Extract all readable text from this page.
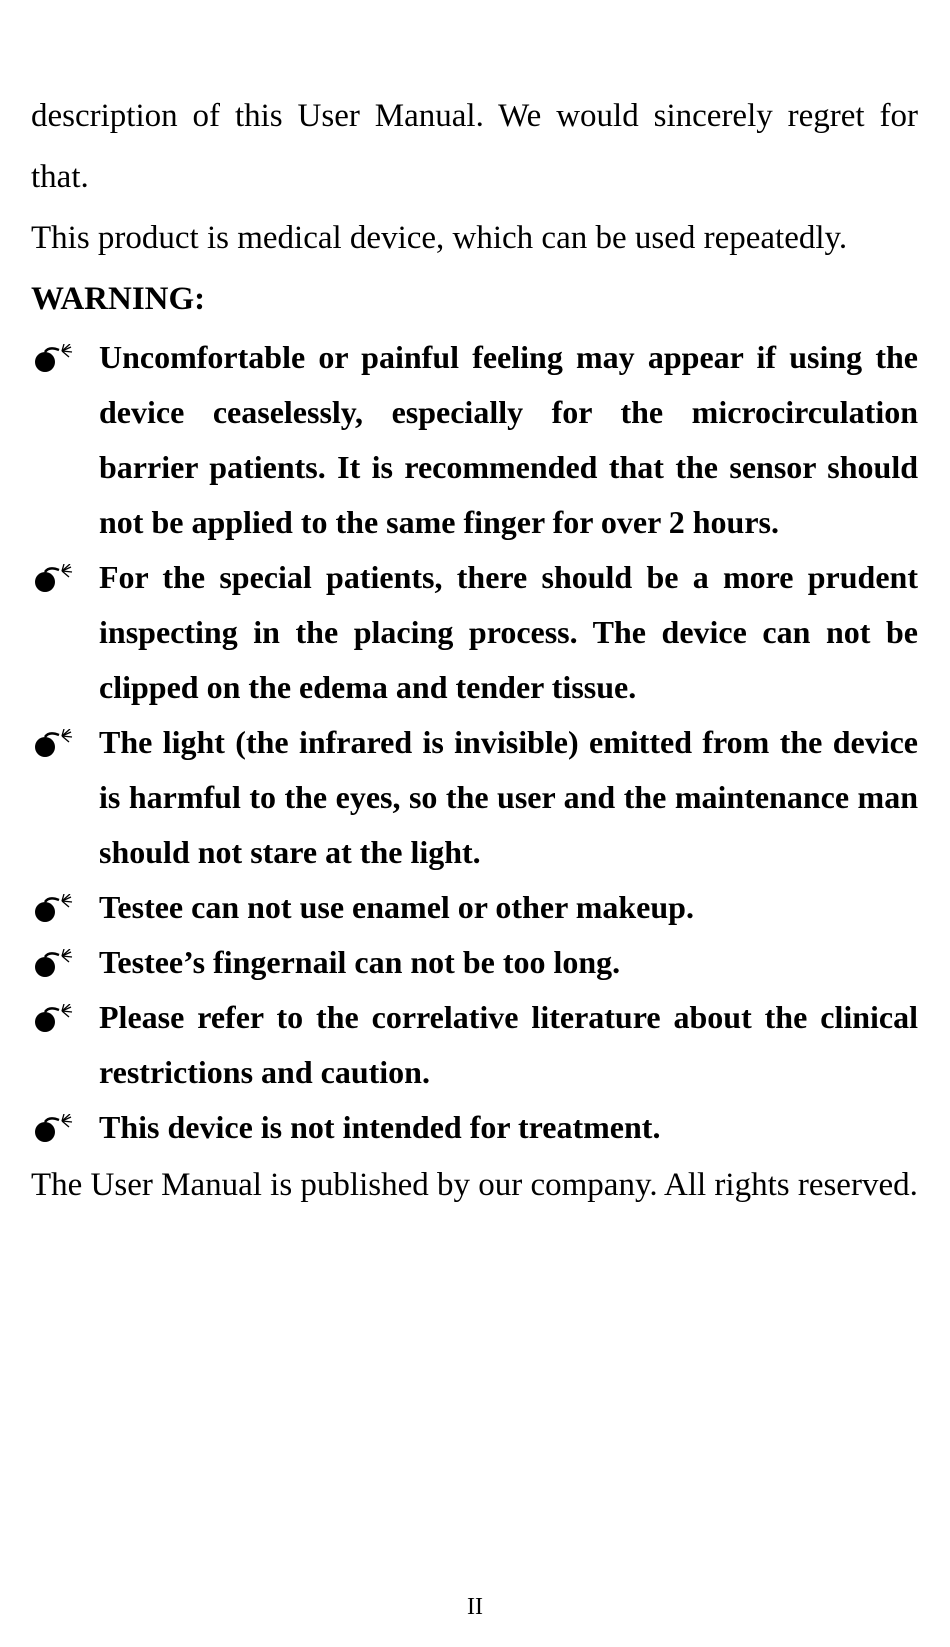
description of this User Manual. We would sincerely regret for that.

This product is medical device, which can be used repeatedly.

WARNING:

Uncomfortable or painful feeling may appear if using the device ceaselessly, especially for the microcirculation barrier patients. It is recommended that the sensor should not be applied to the same finger for over 2 hours.
For the special patients, there should be a more prudent inspecting in the placing process. The device can not be clipped on the edema and tender tissue.
The light (the infrared is invisible) emitted from the device is harmful to the eyes, so the user and the maintenance man should not stare at the light.
Testee can not use enamel or other makeup.
Testee’s fingernail can not be too long.
Please refer to the correlative literature about the clinical restrictions and caution.
This device is not intended for treatment.

The User Manual is published by our company. All rights reserved.

II
